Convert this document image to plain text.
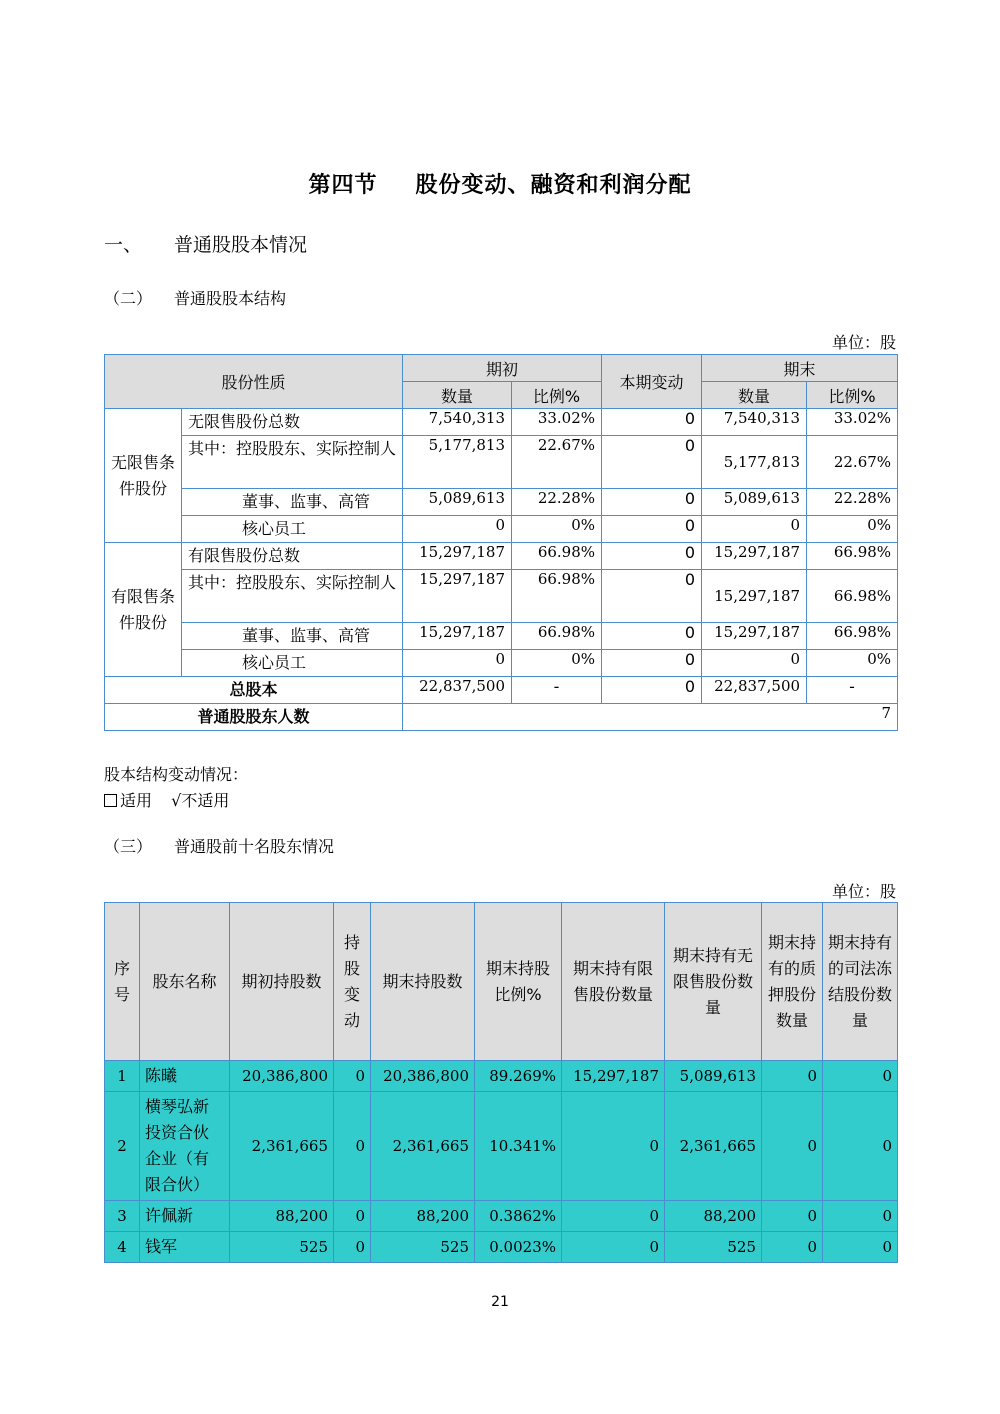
第四节 股份变动、融资和利润分配
一、 普通股股本情况
（二） 普通股股本结构
单位：股
股份性质		期初		本期变动	期末	
		数量	比例%		数量	比例%
无限售条件股份	无限售股份总数	7,540,313	33.02%	0	7,540,313	33.02%
	其中：控股股东、实际控制人	5,177,813	22.67%	0	5,177,813	22.67%
	董事、监事、高管	5,089,613	22.28%	0	5,089,613	22.28%
	核心员工	0	0%	0	0	0%
有限售条件股份	有限售股份总数	15,297,187	66.98%	0	15,297,187	66.98%
	其中：控股股东、实际控制人	15,297,187	66.98%	0	15,297,187	66.98%
	董事、监事、高管	15,297,187	66.98%	0	15,297,187	66.98%
	核心员工	0	0%	0	0	0%
总股本		22,837,500	-	0	22,837,500	-
普通股股东人数		7				
股本结构变动情况：
适用 √不适用
（三） 普通股前十名股东情况
单位：股
序号	股东名称	期初持股数	持股变动	期末持股数	期末持股比例%	期末持有限售股份数量	期末持有无限售股份数量	期末持有的质押股份数量	期末持有的司法冻结股份数量
1	陈曦	20,386,800	0	20,386,800	89.269%	15,297,187	5,089,613	0	0
2	横琴弘新投资合伙企业（有限合伙）	2,361,665	0	2,361,665	10.341%	0	2,361,665	0	0
3	许佩新	88,200	0	88,200	0.3862%	0	88,200	0	0
4	钱军	525	0	525	0.0023%	0	525	0	0
21
